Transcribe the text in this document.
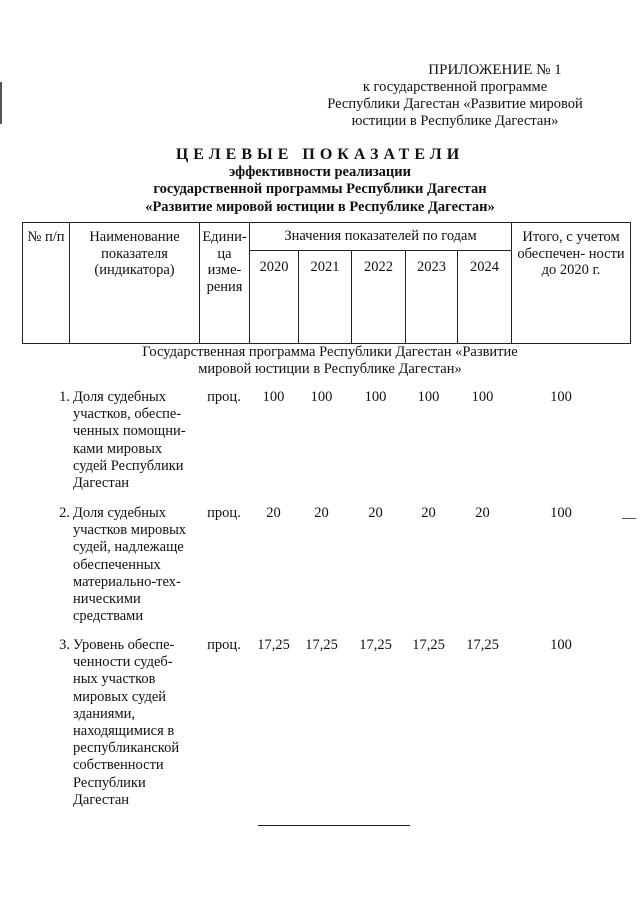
ПРИЛОЖЕНИЕ № 1
к государственной программе
Республики Дагестан «Развитие мировой
юстиции в Республике Дагестан»
ЦЕЛЕВЫЕ ПОКАЗАТЕЛИ
эффективности реализации
государственной программы Республики Дагестан
«Развитие мировой юстиции в Республике Дагестан»
№ п/п	Наименование показателя (индикатора)	Едини- ца изме- рения	Значения показателей по годам					Итого, с учетом обеспечен- ности до 2020 г.
			2020	2021	2022	2023	2024	
Государственная программа Республики Дагестан «Развитие
мировой юстиции в Республике Дагестан»
1. Доля судебных участков, обеспе- ченных помощни- ками мировых судей Республики Дагестан
проц.	100	100	100	100	100	100
2. Доля судебных участков мировых судей, надлежаще обеспеченных материально-тех- ническими средствами
проц.	20	20	20	20	20	100
3. Уровень обеспе- ченности судеб- ных участков мировых судей зданиями, находящимися в республиканской собственности Республики Дагестан
проц.	17,25	17,25	17,25	17,25	17,25	100
